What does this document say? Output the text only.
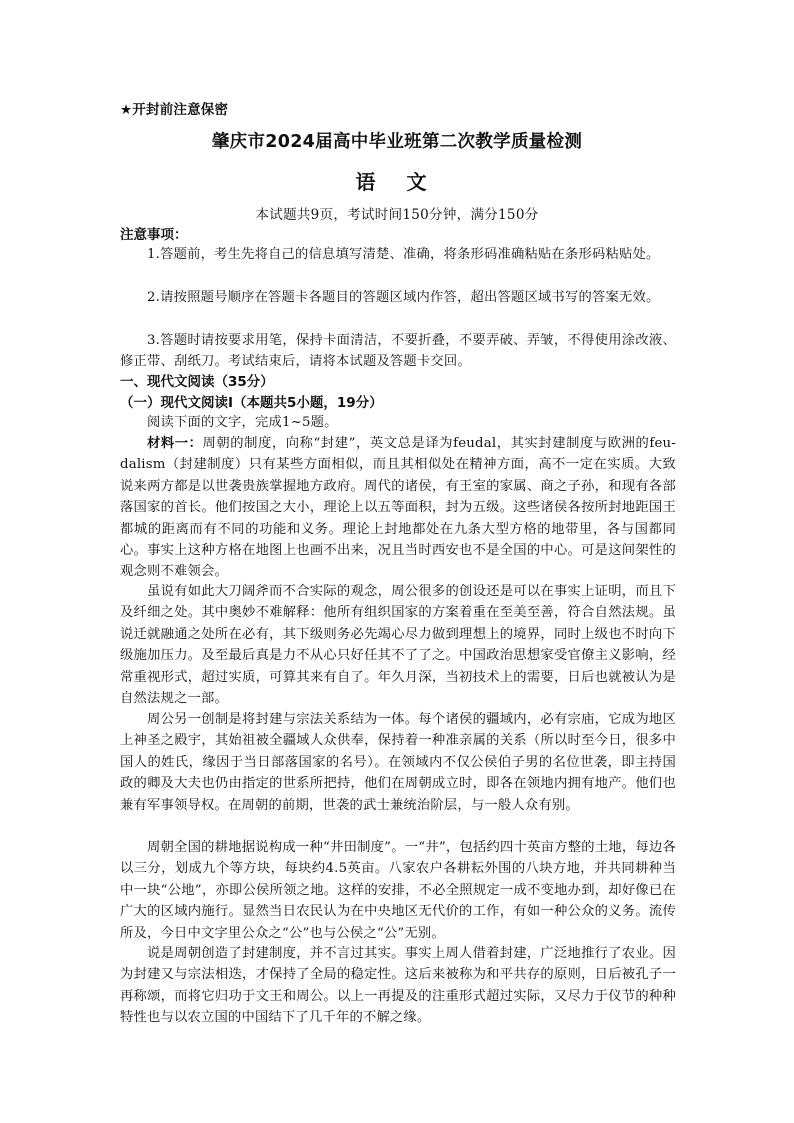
★开封前注意保密
肇庆市2024届高中毕业班第二次教学质量检测
语 文
本试题共9页，考试时间150分钟，满分150分
注意事项：
1.答题前，考生先将自己的信息填写清楚、准确，将条形码准确粘贴在条形码粘贴处。
2.请按照题号顺序在答题卡各题目的答题区域内作答，超出答题区域书写的答案无效。
3.答题时请按要求用笔，保持卡面清洁，不要折叠，不要弄破、弄皱，不得使用涂改液、修正带、刮纸刀。考试结束后，请将本试题及答题卡交回。
一、现代文阅读（35分）
（一）现代文阅读Ⅰ（本题共5小题，19分）
阅读下面的文字，完成1~5题。
材料一：周朝的制度，向称“封建”，英文总是译为feudal，其实封建制度与欧洲的feu-dalism（封建制度）只有某些方面相似，而且其相似处在精神方面，高不一定在实质。大致说来两方都是以世袭贵族掌握地方政府。周代的诸侯，有王室的家属、商之子孙，和现有各部落国家的首长。他们按国之大小，理论上以五等面积，封为五级。这些诸侯各按所封地距国王都城的距离而有不同的功能和义务。理论上封地都处在九条大型方格的地带里，各与国都同心。事实上这种方格在地图上也画不出来，况且当时西安也不是全国的中心。可是这间架性的观念则不难领会。
虽说有如此大刀阔斧而不合实际的观念，周公很多的创设还是可以在事实上证明，而且下及纤细之处。其中奥妙不难解释：他所有组织国家的方案着重在至美至善，符合自然法规。虽说迁就融通之处所在必有，其下级则务必先竭心尽力做到理想上的境界，同时上级也不时向下级施加压力。及至最后真是力不从心只好任其不了了之。中国政治思想家受官僚主义影响，经常重视形式，超过实质，可算其来有自了。年久月深，当初技术上的需要，日后也就被认为是自然法规之一部。
周公另一创制是将封建与宗法关系结为一体。每个诸侯的疆域内，必有宗庙，它成为地区上神圣之殿宇，其始祖被全疆域人众供奉，保持着一种准亲属的关系（所以时至今日，很多中国人的姓氏，缘因于当日部落国家的名号）。在领域内不仅公侯伯子男的名位世袭，即主持国政的卿及大夫也仍由指定的世系所把持，他们在周朝成立时，即各在领地内拥有地产。他们也兼有军事领导权。在周朝的前期，世袭的武士兼统治阶层，与一般人众有别。
周朝全国的耕地据说构成一种“井田制度”。一“井”，包括约四十英亩方整的土地，每边各以三分，划成九个等方块，每块约4.5英亩。八家农户各耕耘外围的八块方地，并共同耕种当中一块“公地”，亦即公侯所领之地。这样的安排，不必全照规定一成不变地办到，却好像已在广大的区域内施行。显然当日农民认为在中央地区无代价的工作，有如一种公众的义务。流传所及，今日中文字里公众之“公”也与公侯之“公”无别。
说是周朝创造了封建制度，并不言过其实。事实上周人借着封建，广泛地推行了农业。因为封建又与宗法相迭，才保持了全局的稳定性。这后来被称为和平共存的原则，日后被孔子一再称颂，而将它归功于文王和周公。以上一再提及的注重形式超过实际，又尽力于仪节的种种特性也与以农立国的中国结下了几千年的不解之缘。
